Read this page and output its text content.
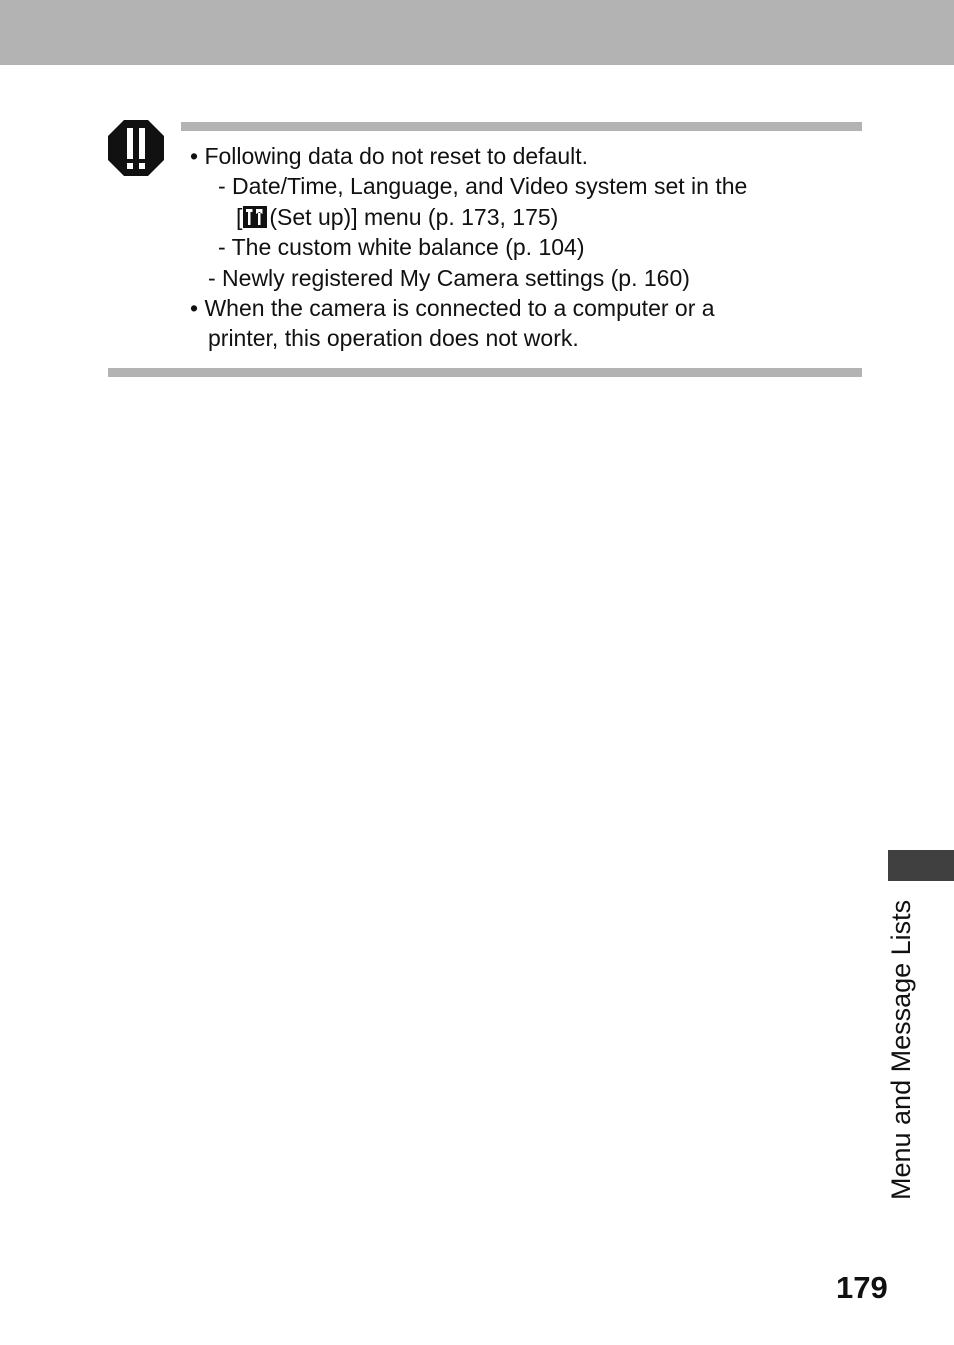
• Following data do not reset to default.
- Date/Time, Language, and Video system set in the
[ (Set up)] menu (p. 173, 175)
- The custom white balance (p. 104)
- Newly registered My Camera settings (p. 160)
• When the camera is connected to a computer or a
printer, this operation does not work.
Menu and Message Lists
179
